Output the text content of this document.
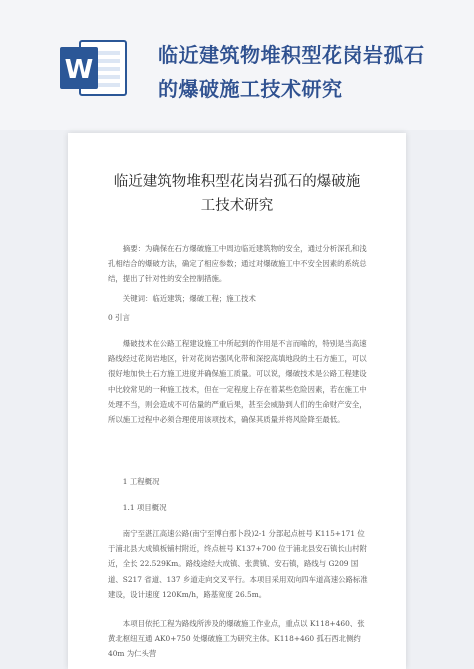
W	临近建筑物堆积型花岗岩孤石
的爆破施工技术研究
临近建筑物堆积型花岗岩孤石的爆破施
工技术研究

摘要：为确保在石方爆破施工中周边临近建筑物的安全，通过分析深孔和浅孔相结合的爆破方法，确定了相应参数；通过对爆破施工中不安全因素的系统总结，提出了针对性的安全控制措施。

关键词：临近建筑；爆破工程；施工技术

0 引言

爆破技术在公路工程建设施工中所起到的作用是不言而喻的，特别是当高速路线经过花岗岩地区，针对花岗岩强风化带和深挖高填地段的土石方施工，可以很好地加快土石方施工进度并确保施工质量。可以说，爆破技术是公路工程建设中比较常见的一种施工技术，但在一定程度上存在着某些危险因素，若在施工中处理不当，则会造成不可估量的严重后果，甚至会威胁到人们的生命财产安全，所以施工过程中必须合理使用该项技术，确保其质量并将风险降至最低。

1 工程概况

1.1 项目概况

南宁至湛江高速公路(南宁至博白那卜段)2-1 分部起点桩号 K115+171 位于浦北县大成镇板铺村附近，终点桩号 K137+700 位于浦北县安石镇长山村附近，全长 22.529Km。路线途经大成镇、张黄镇、安石镇，路线与 G209 国道、S217 省道、137 乡道走向交叉平行。本项目采用双向四车道高速公路标准建设，设计速度 120Km/h，路基宽度 26.5m。

本项目依托工程为路线所涉及的爆破施工作业点，重点以 K118+460、张黄北枢纽互通 AK0+750 处爆破施工为研究主体。K118+460 孤石西北侧约 40m 为仁头营
